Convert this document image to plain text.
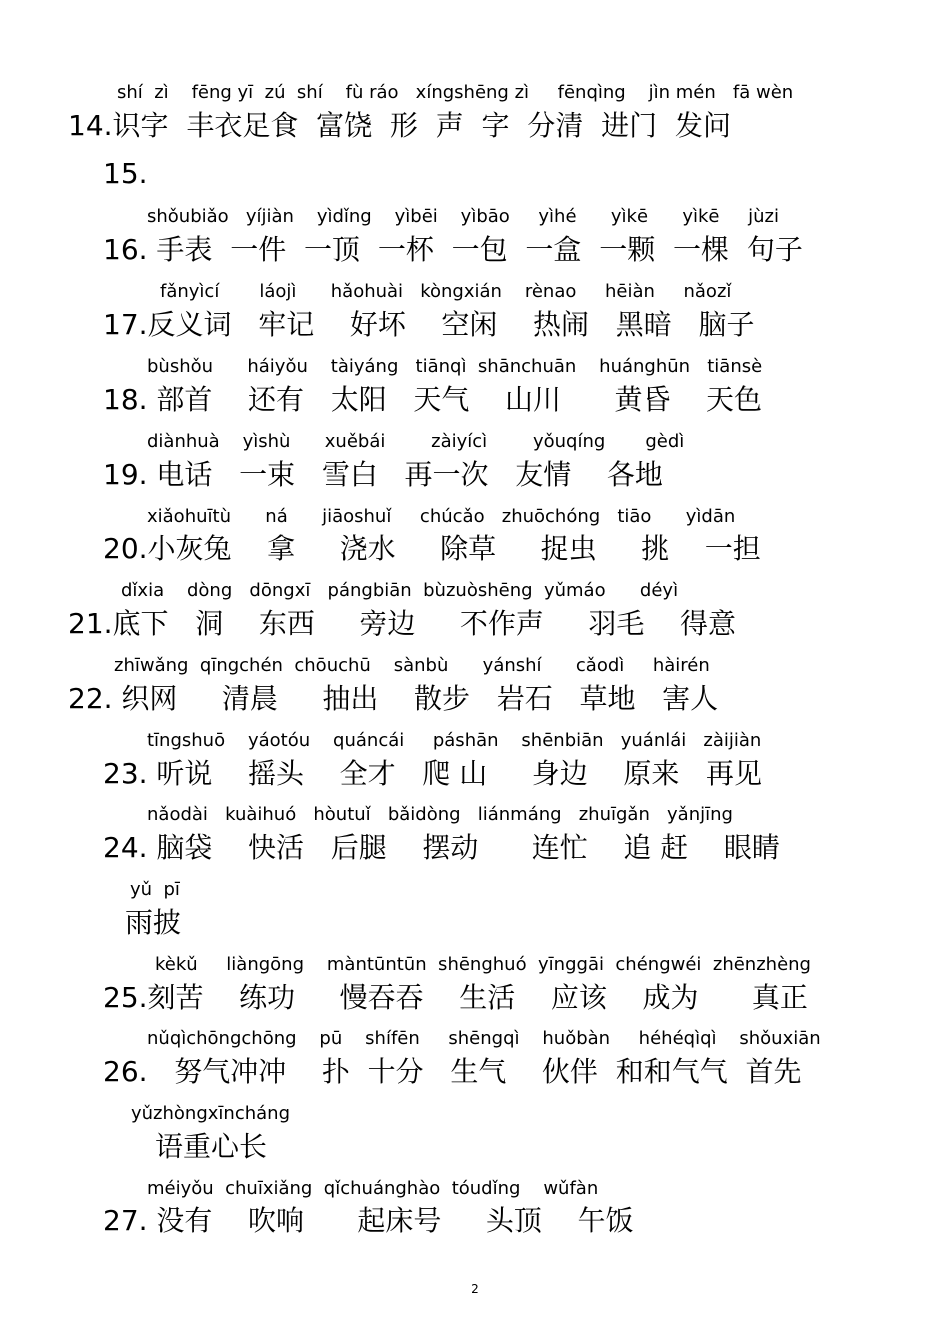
shí  zì    fēng yī  zú  shí    fù ráo   xíngshēng zì     fēnqìng    jìn mén   fā wèn
14.识字  丰衣足食  富饶  形  声  字  分清  进门  发问
15.
shǒubiǎo   yíjiàn    yìdǐng    yìbēi    yìbāo     yìhé      yìkē      yìkē     jùzi
16. 手表  一件  一顶  一杯  一包  一盒  一颗  一棵  句子
fǎnyìcí       láojì      hǎohuài   kòngxián    rènao     hēiàn     nǎozǐ
17.反义词   牢记    好坏    空闲    热闹   黑暗   脑子
bùshǒu      háiyǒu    tàiyáng   tiānqì  shānchuān    huánghūn   tiānsè
18. 部首    还有   太阳   天气    山川      黄昏    天色
diànhuà    yìshù      xuěbái        zàiyícì        yǒuqíng       gèdì
19. 电话   一束   雪白   再一次   友情    各地
xiǎohuītù      ná      jiāoshuǐ     chúcǎo   zhuōchóng   tiāo      yìdān
20.小灰兔    拿     浇水     除草     捉虫     挑    一担
dǐxia    dòng   dōngxī   pángbiān  bùzuòshēng  yǔmáo      déyì
21.底下   洞    东西     旁边     不作声     羽毛    得意
zhīwǎng  qīngchén  chōuchū    sànbù      yánshí      cǎodì     hàirén
22. 织网     清晨     抽出    散步   岩石   草地   害人
tīngshuō    yáotóu    quáncái     páshān    shēnbiān   yuánlái   zàijiàn
23. 听说    摇头    全才   爬 山     身边    原来   再见
nǎodài   kuàihuó   hòutuǐ   bǎidòng   liánmáng   zhuīgǎn   yǎnjīng
24. 脑袋    快活   后腿    摆动      连忙    追 赶    眼睛
yǔ  pī
雨披
kèkǔ     liàngōng    màntūntūn  shēnghuó  yīnggāi  chéngwéi  zhēnzhèng
25.刻苦    练功     慢吞吞    生活    应该    成为      真正
nǔqìchōngchōng    pū    shífēn     shēngqì    huǒbàn     héhéqìqì    shǒuxiān
26.   努气冲冲    扑  十分   生气    伙伴  和和气气  首先
yǔzhòngxīncháng
语重心长
méiyǒu  chuīxiǎng  qǐchuánghào  tóudǐng    wǔfàn
27. 没有    吹响      起床号     头顶    午饭
2
